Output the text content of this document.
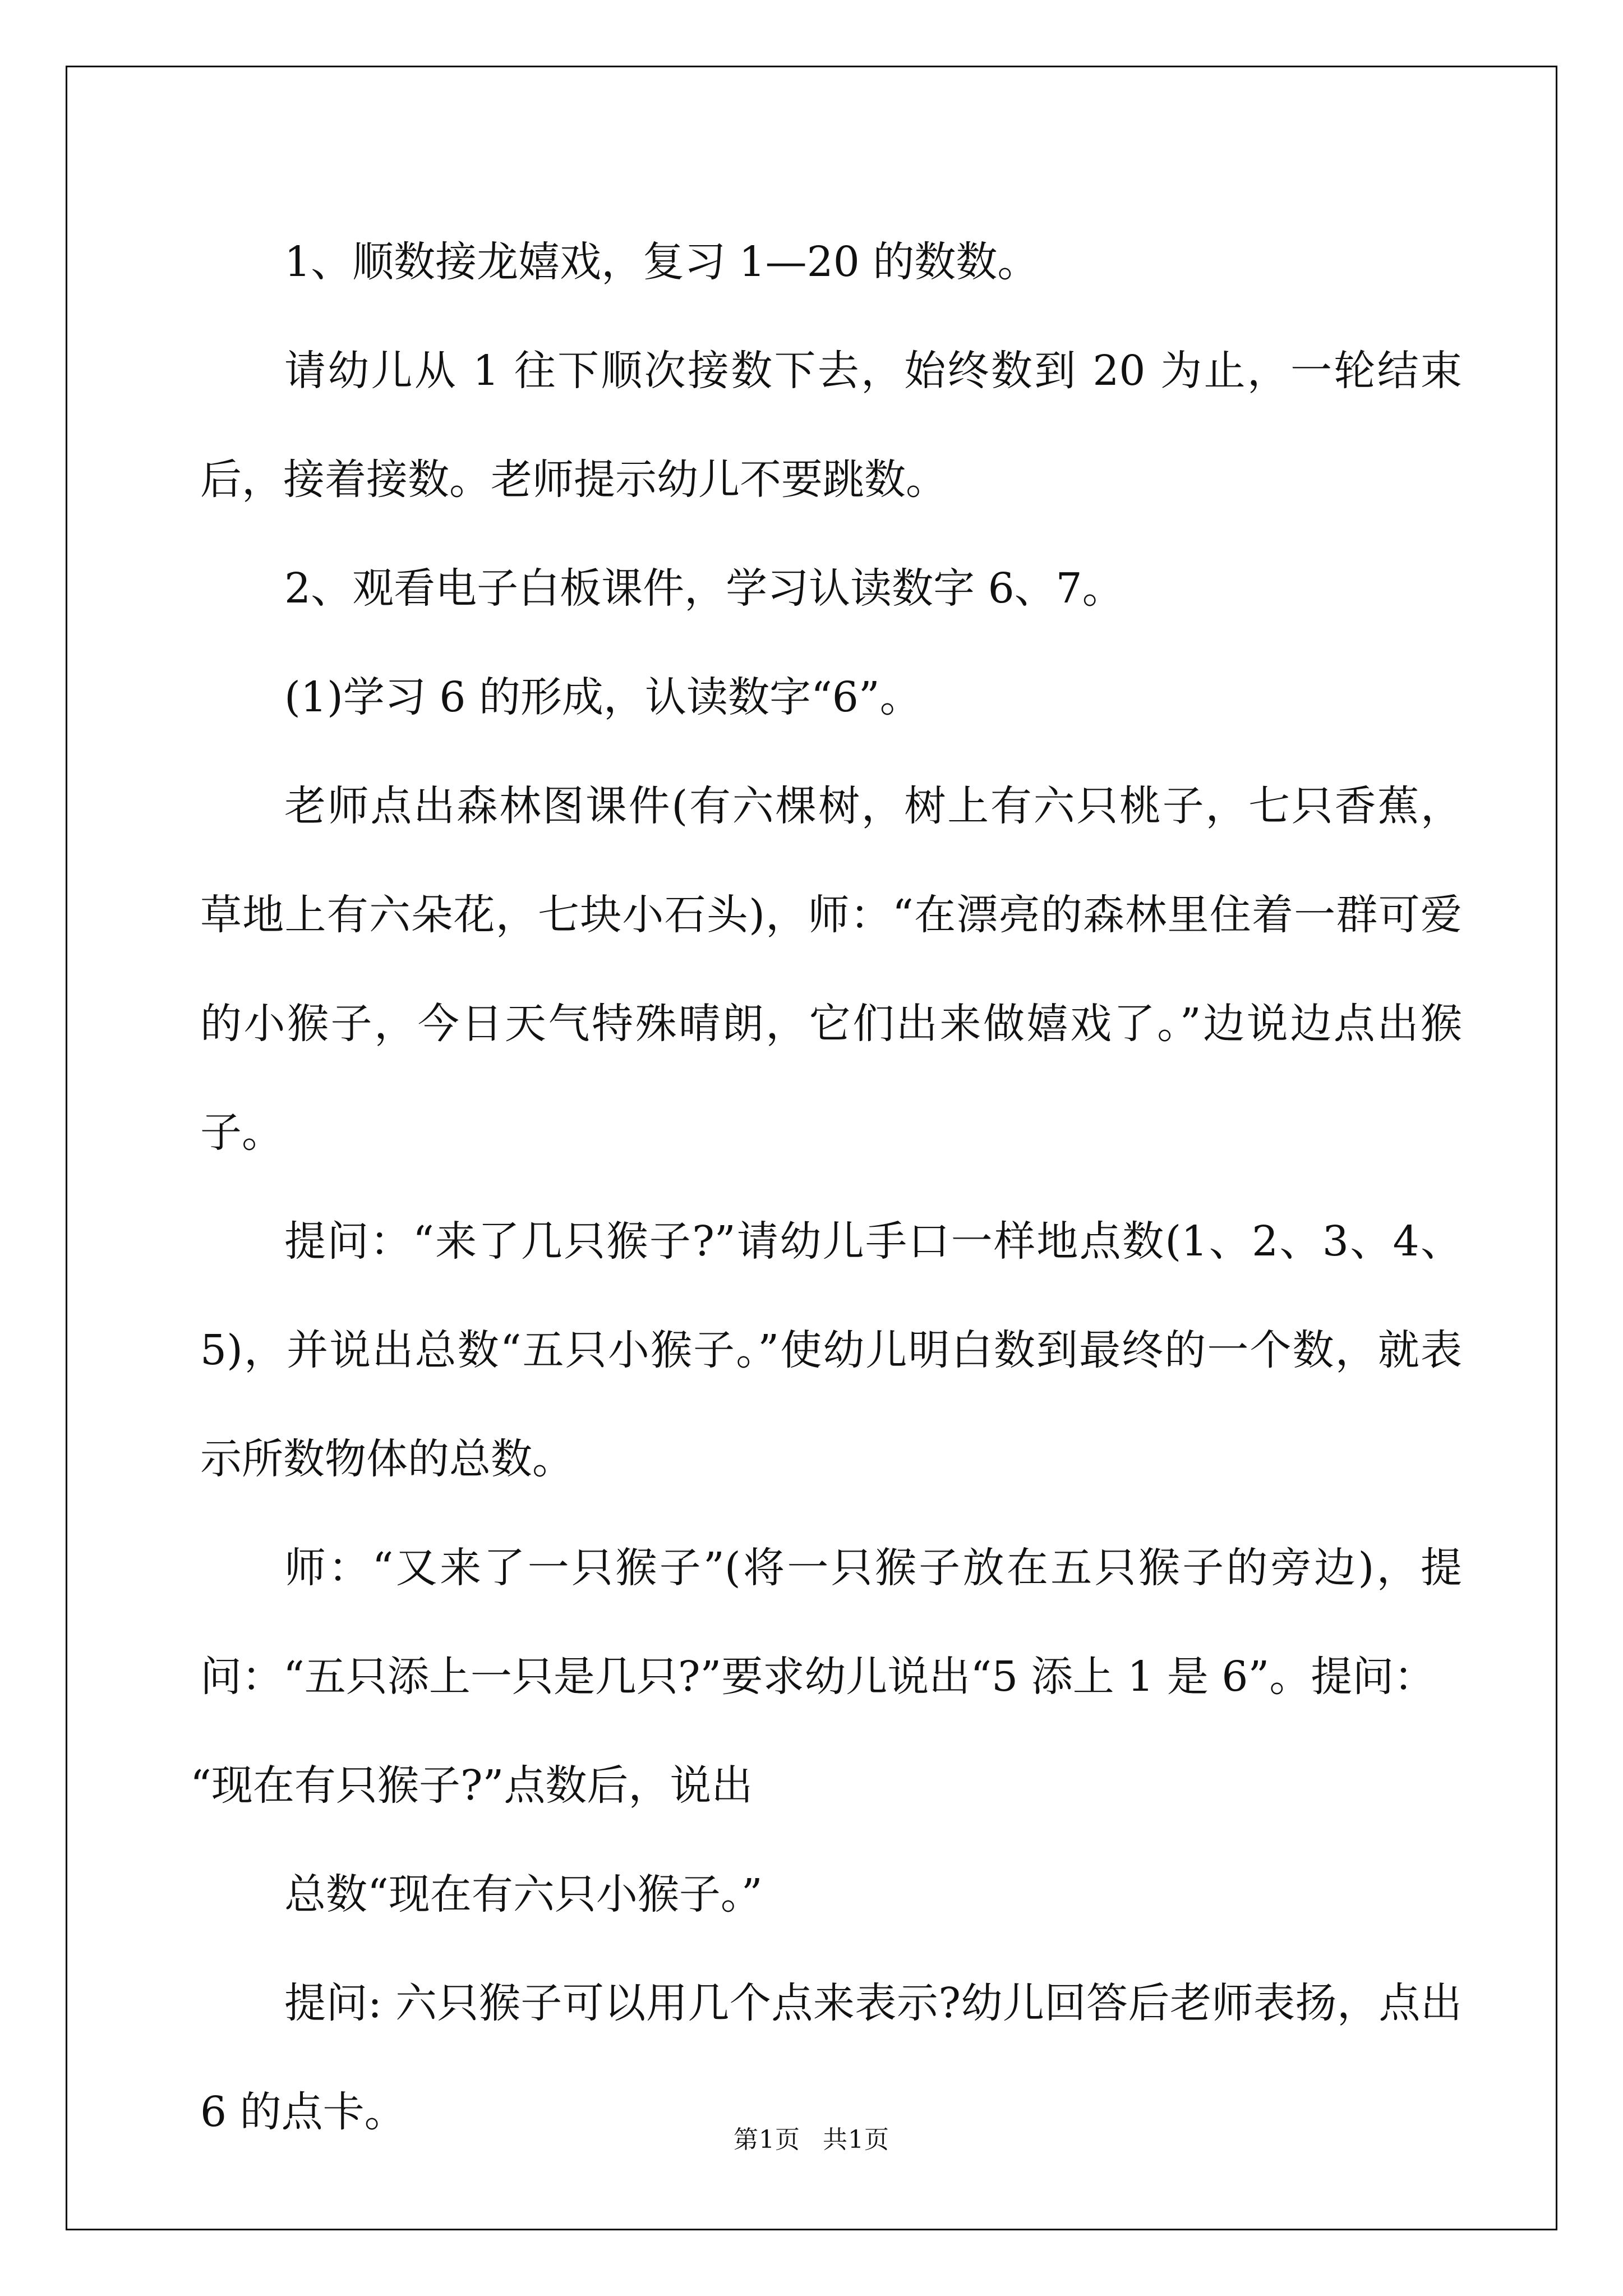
1、顺数接龙嬉戏，复习 1—20 的数数。

请幼儿从 1 往下顺次接数下去，始终数到 20 为止，一轮结束后，接着接数。老师提示幼儿不要跳数。

2、观看电子白板课件，学习认读数字 6、7。

(1)学习 6 的形成，认读数字“6”。

老师点出森林图课件(有六棵树，树上有六只桃子，七只香蕉，草地上有六朵花，七块小石头)，师：“在漂亮的森林里住着一群可爱的小猴子，今日天气特殊晴朗，它们出来做嬉戏了。”边说边点出猴子。

提问：“来了几只猴子?”请幼儿手口一样地点数(1、2、3、4、5)，并说出总数“五只小猴子。”使幼儿明白数到最终的一个数，就表示所数物体的总数。

师：“又来了一只猴子”(将一只猴子放在五只猴子的旁边)，提问：“五只添上一只是几只?”要求幼儿说出“5 添上 1 是 6”。提问：

“现在有只猴子?”点数后，说出

总数“现在有六只小猴子。”

提问: 六只猴子可以用几个点来表示?幼儿回答后老师表扬，点出 6 的点卡。

第1页 共1页
